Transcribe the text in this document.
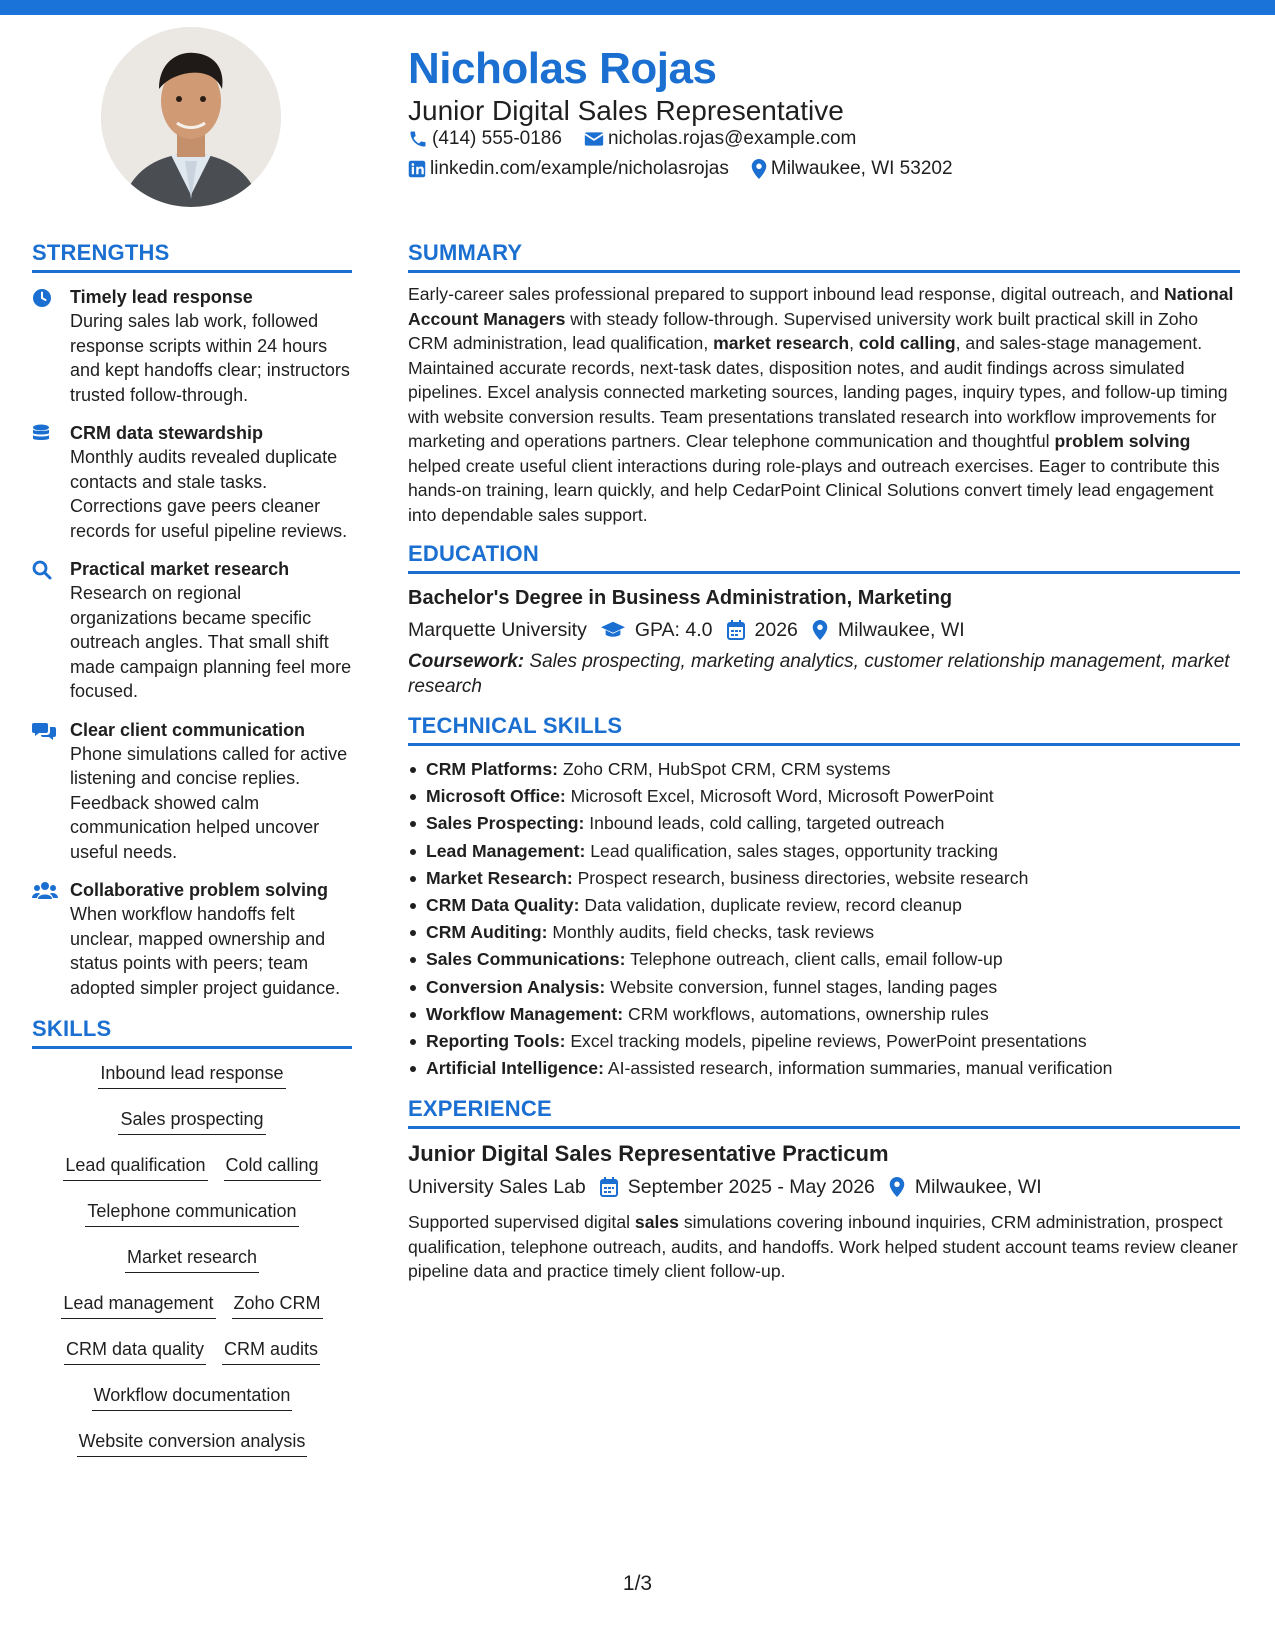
Nicholas Rojas
Junior Digital Sales Representative
(414) 555-0186 nicholas.rojas@example.com
linkedin.com/example/nicholasrojas Milwaukee, WI 53202
STRENGTHS
Timely lead response
During sales lab work, followed response scripts within 24 hours and kept handoffs clear; instructors trusted follow-through.
CRM data stewardship
Monthly audits revealed duplicate contacts and stale tasks. Corrections gave peers cleaner records for useful pipeline reviews.
Practical market research
Research on regional organizations became specific outreach angles. That small shift made campaign planning feel more focused.
Clear client communication
Phone simulations called for active listening and concise replies. Feedback showed calm communication helped uncover useful needs.
Collaborative problem solving
When workflow handoffs felt unclear, mapped ownership and status points with peers; team adopted simpler project guidance.
SKILLS
Inbound lead response
Sales prospecting
Lead qualification Cold calling
Telephone communication
Market research
Lead management Zoho CRM
CRM data quality CRM audits
Workflow documentation
Website conversion analysis
SUMMARY
Early-career sales professional prepared to support inbound lead response, digital outreach, and National Account Managers with steady follow-through. Supervised university work built practical skill in Zoho CRM administration, lead qualification, market research, cold calling, and sales-stage management. Maintained accurate records, next-task dates, disposition notes, and audit findings across simulated pipelines. Excel analysis connected marketing sources, landing pages, inquiry types, and follow-up timing with website conversion results. Team presentations translated research into workflow improvements for marketing and operations partners. Clear telephone communication and thoughtful problem solving helped create useful client interactions during role-plays and outreach exercises. Eager to contribute this hands-on training, learn quickly, and help CedarPoint Clinical Solutions convert timely lead engagement into dependable sales support.
EDUCATION
Bachelor's Degree in Business Administration, Marketing
Marquette University GPA: 4.0 2026 Milwaukee, WI
Coursework: Sales prospecting, marketing analytics, customer relationship management, market research
TECHNICAL SKILLS
CRM Platforms: Zoho CRM, HubSpot CRM, CRM systems
Microsoft Office: Microsoft Excel, Microsoft Word, Microsoft PowerPoint
Sales Prospecting: Inbound leads, cold calling, targeted outreach
Lead Management: Lead qualification, sales stages, opportunity tracking
Market Research: Prospect research, business directories, website research
CRM Data Quality: Data validation, duplicate review, record cleanup
CRM Auditing: Monthly audits, field checks, task reviews
Sales Communications: Telephone outreach, client calls, email follow-up
Conversion Analysis: Website conversion, funnel stages, landing pages
Workflow Management: CRM workflows, automations, ownership rules
Reporting Tools: Excel tracking models, pipeline reviews, PowerPoint presentations
Artificial Intelligence: AI-assisted research, information summaries, manual verification
EXPERIENCE
Junior Digital Sales Representative Practicum
University Sales Lab September 2025 - May 2026 Milwaukee, WI
Supported supervised digital sales simulations covering inbound inquiries, CRM administration, prospect qualification, telephone outreach, audits, and handoffs. Work helped student account teams review cleaner pipeline data and practice timely client follow-up.
1/3
